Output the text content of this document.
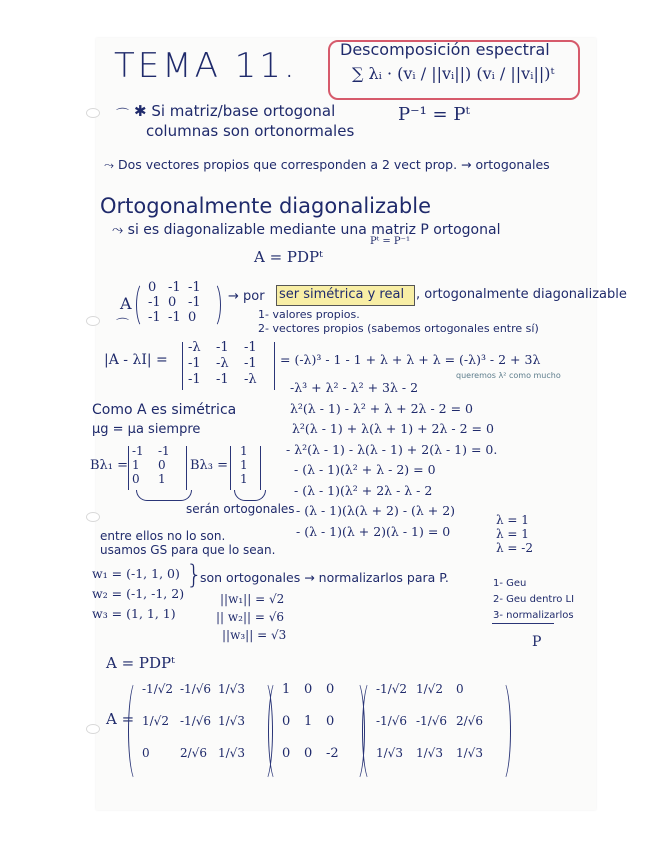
TEMA 11.	Descomposición espectral
∑ λᵢ · (vᵢ / ||vᵢ||) (vᵢ / ||vᵢ||)ᵗ
⌒ ✱ Si matriz/base ortogonal
columnas son ortonormales
P⁻¹ = Pᵗ
⤳ Dos vectores propios que corresponden a 2 vect prop. → ortogonales
Ortogonalmente diagonalizable
⤳ si es diagonalizable mediante una matriz P ortogonal
Pᵗ = P⁻¹
A = PDPᵗ
⌒
A
0 -1 -1
-1 0 -1
-1 -1 0
→ por ser simétrica y real , ortogonalmente diagonalizable
1- valores propios.
2- vectores propios (sabemos ortogonales entre sí)
|A - λI| =
-λ -1 -1
-1 -λ -1
-1 -1 -λ
= (-λ)³ - 1 - 1 + λ + λ + λ = (-λ)³ - 2 + 3λ
queremos λ² como mucho
-λ³ + λ² - λ² + 3λ - 2
λ²(λ - 1) - λ² + λ + 2λ - 2 = 0
λ²(λ - 1) + λ(λ + 1) + 2λ - 2 = 0
- λ²(λ - 1) - λ(λ - 1) + 2(λ - 1) = 0.
- (λ - 1)(λ² + λ - 2) = 0
- (λ - 1)(λ² + 2λ - λ - 2
- (λ - 1)(λ(λ + 2) - (λ + 2)
- (λ - 1)(λ + 2)(λ - 1) = 0
λ = 1
λ = 1
λ = -2
Como A es simétrica
μg = μa siempre
Bλ₁ =
-1
1
0
-1
0
1
Bλ₃ =
1
1
1
serán ortogonales
entre ellos no lo son.
usamos GS para que lo sean.
w₁ = (-1, 1, 0)
w₂ = (-1, -1, 2)
w₃ = (1, 1, 1)
}
son ortogonales → normalizarlos para P.
||w₁|| = √2
|| w₂|| = √6
||w₃|| = √3
1- Geu
2- Geu dentro LI
3- normalizarlos
P
A = PDPᵗ
A =
-1/√2 -1/√6 1/√3
1/√2 -1/√6 1/√3
0	2/√6 1/√3
1 0 0
0 1 0
0 0 -2
-1/√2 1/√2 0
-1/√6 -1/√6 2/√6
1/√3 1/√3 1/√3
